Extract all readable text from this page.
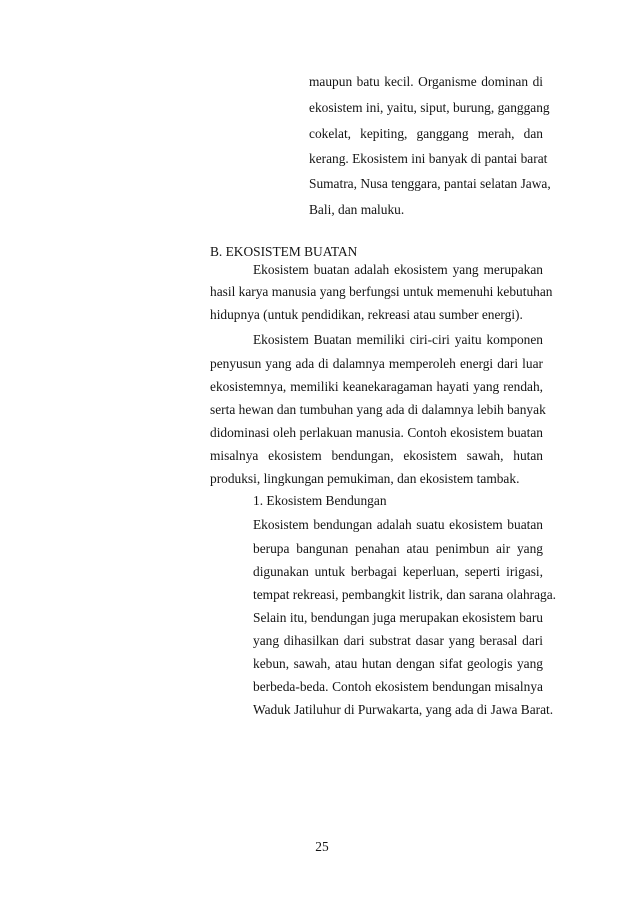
maupun batu kecil. Organisme dominan di
ekosistem ini, yaitu, siput, burung, ganggang
cokelat, kepiting, ganggang merah, dan
kerang. Ekosistem ini banyak di pantai barat
Sumatra, Nusa tenggara, pantai selatan Jawa,
Bali, dan maluku.
B. EKOSISTEM BUATAN
Ekosistem buatan adalah ekosistem yang merupakan
hasil karya manusia yang berfungsi untuk memenuhi kebutuhan
hidupnya (untuk pendidikan, rekreasi atau sumber energi).
Ekosistem Buatan memiliki ciri-ciri yaitu komponen
penyusun yang ada di dalamnya memperoleh energi dari luar
ekosistemnya, memiliki keanekaragaman hayati yang rendah,
serta hewan dan tumbuhan yang ada di dalamnya lebih banyak
didominasi oleh perlakuan manusia. Contoh ekosistem buatan
misalnya ekosistem bendungan, ekosistem sawah, hutan
produksi, lingkungan pemukiman, dan ekosistem tambak.
1. Ekosistem Bendungan
Ekosistem bendungan adalah suatu ekosistem buatan
berupa bangunan penahan atau penimbun air yang
digunakan untuk berbagai keperluan, seperti irigasi,
tempat rekreasi, pembangkit listrik, dan sarana olahraga.
Selain itu, bendungan juga merupakan ekosistem baru
yang dihasilkan dari substrat dasar yang berasal dari
kebun, sawah, atau hutan dengan sifat geologis yang
berbeda-beda. Contoh ekosistem bendungan misalnya
Waduk Jatiluhur di Purwakarta, yang ada di Jawa Barat.
25
